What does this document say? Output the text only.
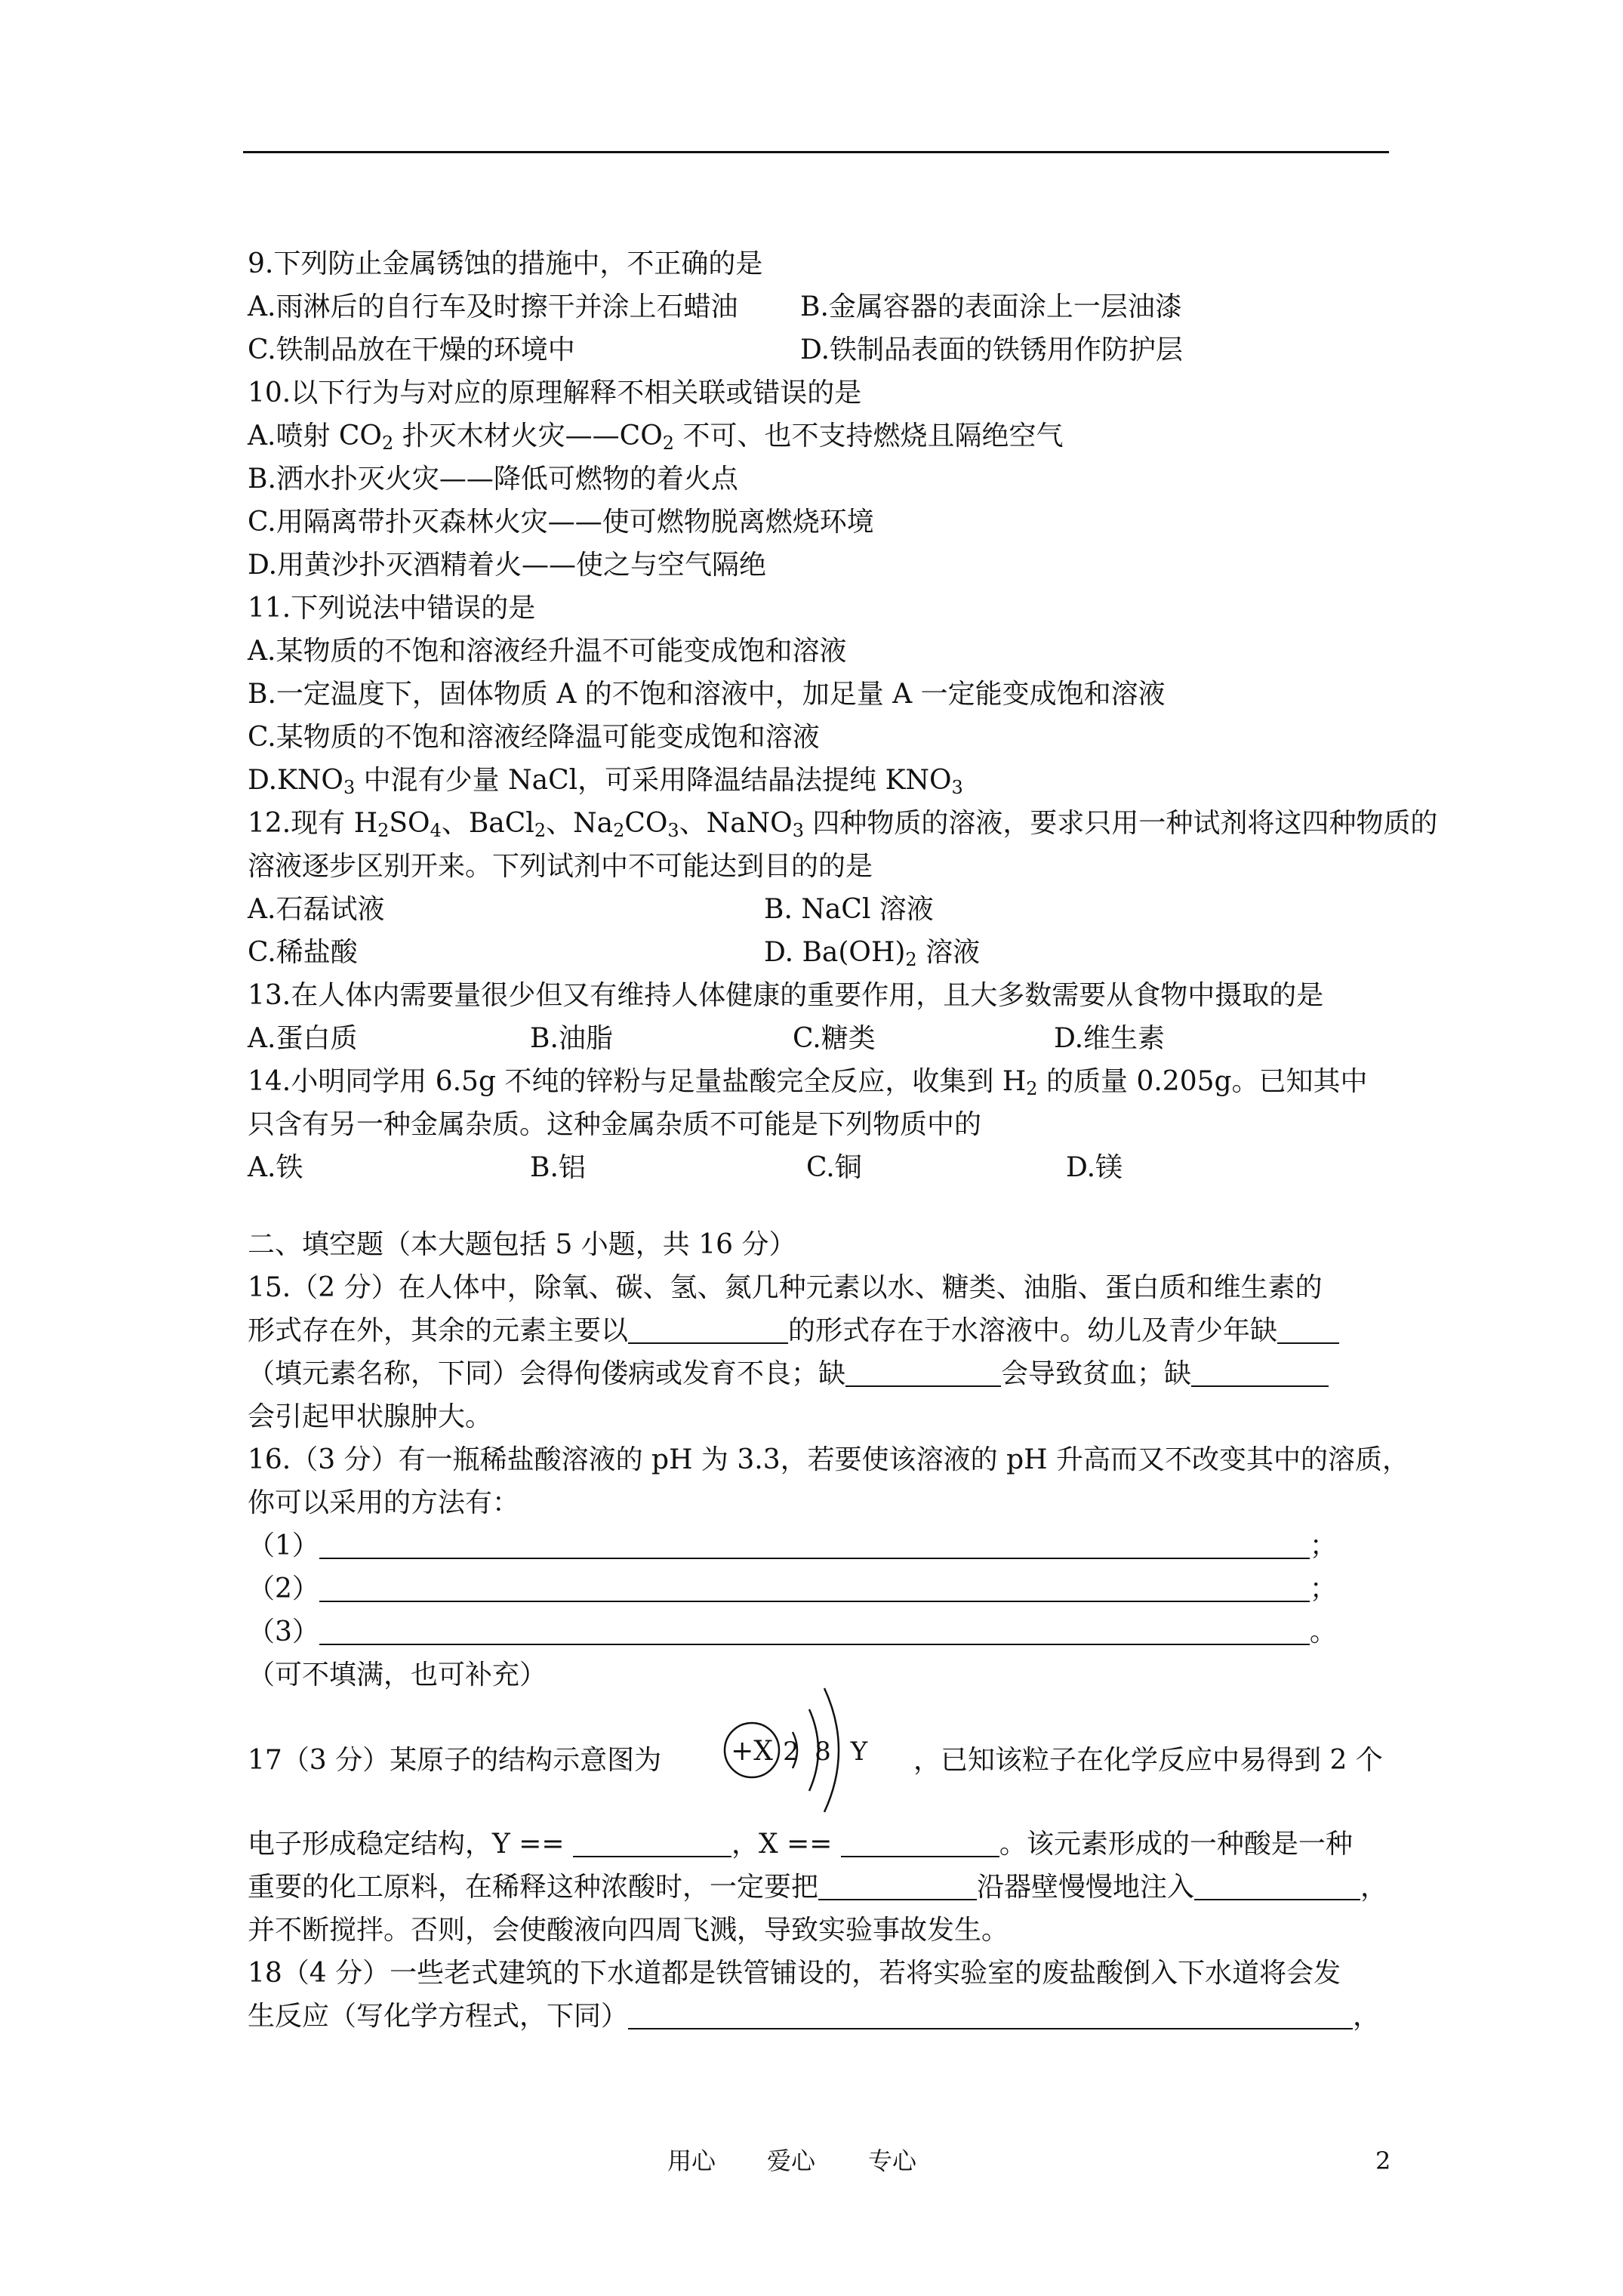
9.下列防止金属锈蚀的措施中，不正确的是
A.雨淋后的自行车及时擦干并涂上石蜡油 B.金属容器的表面涂上一层油漆
C.铁制品放在干燥的环境中	D.铁制品表面的铁锈用作防护层
10.以下行为与对应的原理解释不相关联或错误的是
A.喷射 $CO_2$ 扑灭木材火灾$——CO_2$ 不可、也不支持燃烧且隔绝空气
B.洒水扑灭火灾——降低可燃物的着火点
C.用隔离带扑灭森林火灾——使可燃物脱离燃烧环境
D.用黄沙扑灭酒精着火——使之与空气隔绝
11.下列说法中错误的是
A.某物质的不饱和溶液经升温不可能变成饱和溶液
B.一定温度下，固体物质 A 的不饱和溶液中，加足量 A 一定能变成饱和溶液
C.某物质的不饱和溶液经降温可能变成饱和溶液
$D.KNO_3$ 中混有少量 NaCl，可采用降温结晶法提纯 $KNO_3$
12.现有 $H_2SO_4$、BaCl$_2$、$Na_2CO_3$、NaNO$_3$ 四种物质的溶液，要求只用一种试剂将这四种物质的
溶液逐步区别开来。下列试剂中不可能达到目的的是
A.石磊试液	B. NaCl 溶液
C.稀盐酸	D. $Ba(OH)_2$ 溶液
13.在人体内需要量很少但又有维持人体健康的重要作用，且大多数需要从食物中摄取的是
A.蛋白质	B.油脂	C.糖类	D.维生素
14.小明同学用 6.5g 不纯的锌粉与足量盐酸完全反应，收集到 $H_2$ 的质量 0.205g。已知其中
只含有另一种金属杂质。这种金属杂质不可能是下列物质中的
A.铁	B.铝	C.铜	D.镁
二、填空题（本大题包括 5 小题，共 16 分）
15.（2 分）在人体中，除氧、碳、氢、氮几种元素以水、糖类、油脂、蛋白质和维生素的
形式存在外，其余的元素主要以	的形式存在于水溶液中。幼儿及青少年缺
（填元素名称，下同）会得佝偻病或发育不良；缺	会导致贫血；缺
会引起甲状腺肿大。
16.（3 分）有一瓶稀盐酸溶液的 pH 为 3.3，若要使该溶液的 pH 升高而又不改变其中的溶质，
你可以采用的方法有：
（1）	；
（2）	；
（3）	。
（可不填满，也可补充）
17（3 分）某原子的结构示意图为	+X 2 8 Y ，已知该粒子在化学反应中易得到 2 个
电子形成稳定结构，Y ==	，X ==	。该元素形成的一种酸是一种
重要的化工原料，在稀释这种浓酸时，一定要把	沿器壁慢慢地注入	，
并不断搅拌。否则，会使酸液向四周飞溅，导致实验事故发生。
18（4 分）一些老式建筑的下水道都是铁管铺设的，若将实验室的废盐酸倒入下水道将会发
生反应（写化学方程式，下同）	，
用心 爱心 专心	2
